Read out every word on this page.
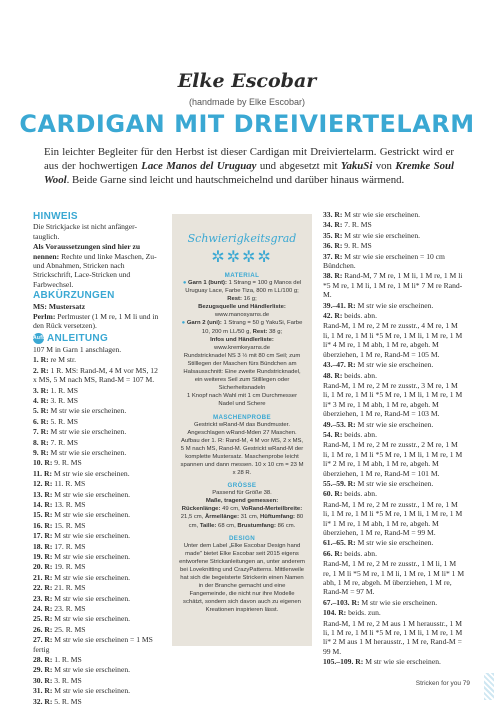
Elke Escobar
(handmade by Elke Escobar)
CARDIGAN MIT DREIVIERTELARM
Ein leichter Begleiter für den Herbst ist dieser Cardigan mit Dreiviertelarm. Gestrickt wird er aus der hochwertigen Lace Manos del Uruguay und abgesetzt mit YakuSi von Kremke Soul Wool. Beide Garne sind leicht und hautschmeichelnd und darüber hinaus wärmend.
HINWEIS
Die Strickjacke ist nicht anfänger-tauglich.
Als Voraussetzungen sind hier zu nennen: Rechte und linke Maschen, Zu- und Abnahmen, Stricken nach Strickschrift, Lace-Stricken und Farbwechsel.
ABKÜRZUNGEN
MS: Mustersatz
Perlm: Perlmuster (1 M re, 1 M li und in den Rück versetzen).
AufbauANLEITUNG
107 M in Garn 1 anschlagen.
1. R: re M str.
2. R: 1 R. MS: Rand-M, 4 M vor MS, 12 x MS, 5 M nach MS, Rand-M = 107 M.
3. R: 1. R. MS
4. R: 3. R. MS
5. R: M str wie sie erscheinen.
6. R: 5. R. MS
7. R: M str wie sie erscheinen.
8. R: 7. R. MS
9. R: M str wie sie erscheinen.
10. R: 9. R. MS
11. R: M str wie sie erscheinen.
12. R: 11. R. MS
13. R: M str wie sie erscheinen.
14. R: 13. R. MS
15. R: M str wie sie erscheinen.
16. R: 15. R. MS
17. R: M str wie sie erscheinen.
18. R: 17. R. MS
19. R: M str wie sie erscheinen.
20. R: 19. R. MS
21. R: M str wie sie erscheinen.
22. R: 21. R. MS
23. R: M str wie sie erscheinen.
24. R: 23. R. MS
25. R: M str wie sie erscheinen.
26. R: 25. R. MS
27. R: M str wie sie erscheinen = 1 MS fertig
28. R: 1. R. MS
29. R: M str wie sie erscheinen.
30. R: 3. R. MS
31. R: M str wie sie erscheinen.
32. R: 5. R. MS
Schwierigkeitsgrad
✲✲✲✲
MATERIAL
● Garn 1 (bunt): 1 Strang = 100 g Manos del Uruguay Lace, Farbe Tiza, 800 m LL/100 g; Rest: 16 g;
Bezugsquelle und Händlerliste:
www.manosyarns.de
● Garn 2 (uni): 1 Strang = 50 g YakuSi, Farbe 10, 200 m LL/50 g, Rest: 38 g;
Infos und Händlerliste:
www.kremkeyarns.de
Rundstricknadel NS 3 ½ mit 80 cm Seil; zum Stilllegen der Maschen fürs Bündchen am Halsausschnitt: Eine zweite Rundstricknadel, ein weiteres Seil zum Stilllegen oder Sicherheitsnadeln
1 Knopf nach Wahl mit 1 cm Durchmesser
Nadel und Schere
MASCHENPROBE
Gestrickt wRand-M das Bundmuster. Angeschlagen wRand-Mden 27 Maschen. Aufbau der 1. R: Rand-M, 4 M vor MS, 2 x MS, 5 M nach MS, Rand-M. Gestrickt wRand-M der komplette Mustersatz. Maschenprobe leicht spannen und dann messen. 10 x 10 cm = 23 M x 28 R.
GRÖSSE
Passend für Größe 38.
Maße, tragend gemessen:
Rückenlänge: 49 cm, VoRand-Merteilbreite: 21,5 cm, Ärmellänge: 31 cm, Hüftumfang: 80 cm, Taille: 68 cm, Brustumfang: 86 cm.
DESIGN
Unter dem Label „Elke Escobar Design hand made" bietet Elke Escobar seit 2015 eigens entworfene Strickanleitungen an, unter anderem bei Loveknitting und CrazyPatterns. Mittlerweile hat sich die begeisterte Strickerin einen Namen in der Branche gemacht und eine Fangemeinde, die nicht nur ihre Modelle schätzt, sondern sich davon auch zu eigenen Kreationen inspirieren lässt.
33. R: M str wie sie erscheinen.
34. R: 7. R. MS
35. R: M str wie sie erscheinen.
36. R: 9. R. MS
37. R: M str wie sie erscheinen = 10 cm Bündchen.
38. R: Rand-M, 7 M re, 1 M li, 1 M re, 1 M li *5 M re, 1 M li, 1 M re, 1 M li* 7 M re Rand-M.
39.–41. R: M str wie sie erscheinen.
42. R: beids. abn.
Rand-M, 1 M re, 2 M re zusstr., 4 M re, 1 M li, 1 M re, 1 M li *5 M re, 1 M li, 1 M re, 1 M li* 4 M re, 1 M abh, 1 M re, abgeh. M überziehen, 1 M re, Rand-M = 105 M.
43.–47. R: M str wie sie erscheinen.
48. R: beids. abn.
Rand-M, 1 M re, 2 M re zusstr., 3 M re, 1 M li, 1 M re, 1 M li *5 M re, 1 M li, 1 M re, 1 M li* 3 M re, 1 M abh, 1 M re, abgeh. M überziehen, 1 M re, Rand-M = 103 M.
49.–53. R: M str wie sie erscheinen.
54. R: beids. abn.
Rand-M, 1 M re, 2 M re zusstr., 2 M re, 1 M li, 1 M re, 1 M li *5 M re, 1 M li, 1 M re, 1 M li* 2 M re, 1 M abh, 1 M re, abgeh. M überziehen, 1 M re, Rand-M = 101 M.
55.–59. R: M str wie sie erscheinen.
60. R: beids. abn.
Rand-M, 1 M re, 2 M re zusstr., 1 M re, 1 M li, 1 M re, 1 M li *5 M re, 1 M li, 1 M re, 1 M li* 1 M re, 1 M abh, 1 M re, abgeh. M überziehen, 1 M re, Rand-M = 99 M.
61.–65. R: M str wie sie erscheinen.
66. R: beids. abn.
Rand-M, 1 M re, 2 M re zusstr., 1 M li, 1 M re, 1 M li *5 M re, 1 M li, 1 M re, 1 M li* 1 M abh, 1 M re, abgeh. M überziehen, 1 M re, Rand-M = 97 M.
67.–103. R: M str wie sie erscheinen.
104. R: beids. zun.
Rand-M, 1 M re, 2 M aus 1 M herausstr., 1 M li, 1 M re, 1 M li *5 M re, 1 M li, 1 M re, 1 M li* 2 M aus 1 M herausstr., 1 M re, Rand-M = 99 M.
105.–109. R: M str wie sie erscheinen.
Stricken for you 79
